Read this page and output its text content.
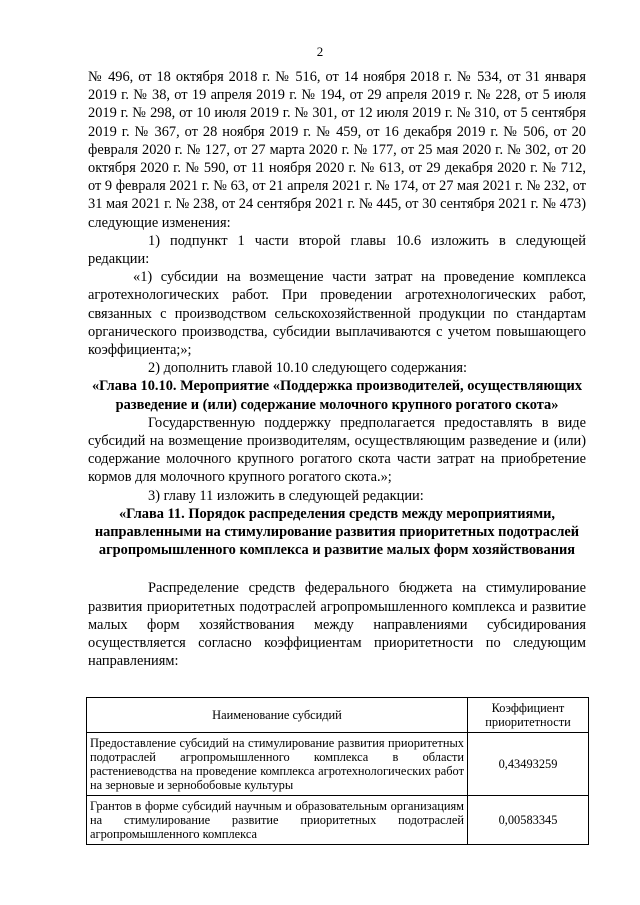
2

№ 496, от 18 октября 2018 г. № 516, от 14 ноября 2018 г. № 534, от 31 января 2019 г. № 38, от 19 апреля 2019 г. № 194, от 29 апреля 2019 г. № 228, от 5 июля 2019 г. № 298, от 10 июля 2019 г. № 301, от 12 июля 2019 г. № 310, от 5 сентября 2019 г. № 367, от 28 ноября 2019 г. № 459, от 16 декабря 2019 г. № 506, от 20 февраля 2020 г. № 127, от 27 марта 2020 г. № 177, от 25 мая 2020 г. № 302, от 20 октября 2020 г. № 590, от 11 ноября 2020 г. № 613, от 29 декабря 2020 г. № 712, от 9 февраля 2021 г. № 63, от 21 апреля 2021 г. № 174, от 27 мая 2021 г. № 232, от 31 мая 2021 г. № 238, от 24 сентября 2021 г. № 445, от 30 сентября 2021 г. № 473) следующие изменения:

1) подпункт 1 части второй главы 10.6 изложить в следующей редакции:

«1) субсидии на возмещение части затрат на проведение комплекса агротехнологических работ. При проведении агротехнологических работ, связанных с производством сельскохозяйственной продукции по стандартам органического производства, субсидии выплачиваются с учетом повышающего коэффициента;»;

2) дополнить главой 10.10 следующего содержания:

«Глава 10.10. Мероприятие «Поддержка производителей, осуществляющих разведение и (или) содержание молочного крупного рогатого скота»

Государственную поддержку предполагается предоставлять в виде субсидий на возмещение производителям, осуществляющим разведение и (или) содержание молочного крупного рогатого скота части затрат на приобретение кормов для молочного крупного рогатого скота.»;

3) главу 11 изложить в следующей редакции:

«Глава 11. Порядок распределения средств между мероприятиями, направленными на стимулирование развития приоритетных подотраслей агропромышленного комплекса и развитие малых форм хозяйствования

Распределение средств федерального бюджета на стимулирование развития приоритетных подотраслей агропромышленного комплекса и развитие малых форм хозяйствования между направлениями субсидирования осуществляется согласно коэффициентам приоритетности по следующим направлениям:

Наименование субсидий	Коэффициент приоритетности
Предоставление субсидий на стимулирование развития приоритетных подотраслей агропромышленного комплекса в области растениеводства на проведение комплекса агротехнологических работ на зерновые и зернобобовые культуры	0,43493259
Грантов в форме субсидий научным и образовательным организациям на стимулирование развитие приоритетных подотраслей агропромышленного комплекса	0,00583345
